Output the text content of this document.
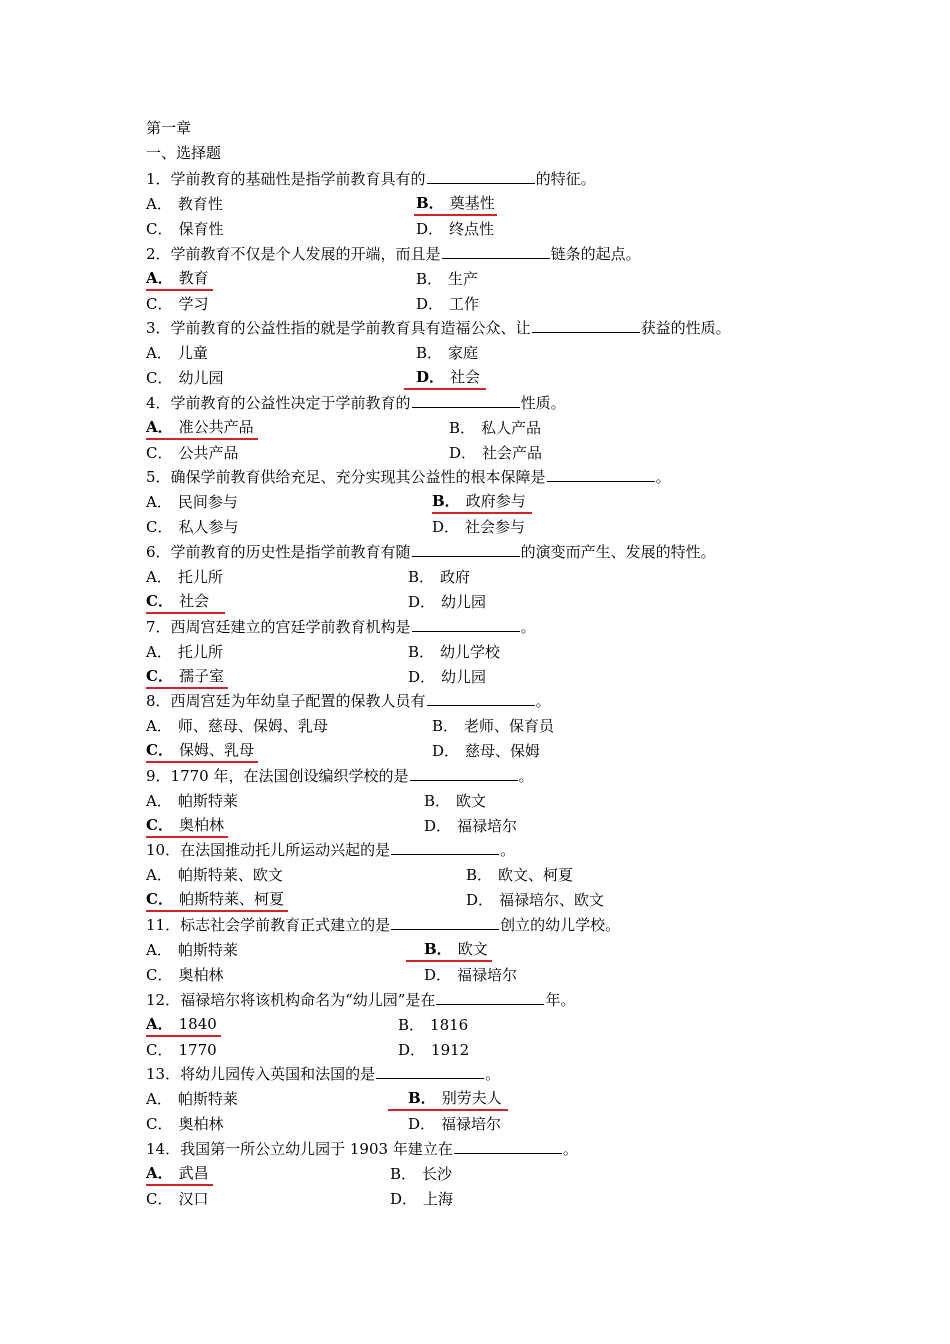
第一章
一、选择题
1．学前教育的基础性是指学前教育具有的	的特征。
A． 教育性	B． 奠基性
C． 保育性	D． 终点性
2．学前教育不仅是个人发展的开端，而且是	链条的起点。
A． 教育	B． 生产
C． 学习	D． 工作
3．学前教育的公益性指的就是学前教育具有造福公众、让	获益的性质。
A． 儿童	B． 家庭
C． 幼儿园	D． 社会
4．学前教育的公益性决定于学前教育的	性质。
A． 准公共产品	B． 私人产品
C． 公共产品	D． 社会产品
5．确保学前教育供给充足、充分实现其公益性的根本保障是	。
A． 民间参与	B． 政府参与
C． 私人参与	D． 社会参与
6．学前教育的历史性是指学前教育有随	的演变而产生、发展的特性。
A． 托儿所	B． 政府
C． 社会	D． 幼儿园
7．西周宫廷建立的宫廷学前教育机构是	。
A． 托儿所	B． 幼儿学校
C． 孺子室	D． 幼儿园
8．西周宫廷为年幼皇子配置的保教人员有	。
A． 师、慈母、保姆、乳母	B． 老师、保育员
C． 保姆、乳母	D． 慈母、保姆
9．1770 年，在法国创设编织学校的是	。
A． 帕斯特莱	B． 欧文
C． 奥柏林	D． 福禄培尔
10．在法国推动托儿所运动兴起的是	。
A． 帕斯特莱、欧文	B． 欧文、柯夏
C． 帕斯特莱、柯夏	D． 福禄培尔、欧文
11．标志社会学前教育正式建立的是	创立的幼儿学校。
A． 帕斯特莱	B． 欧文
C． 奥柏林	D． 福禄培尔
12．福禄培尔将该机构命名为“幼儿园”是在	年。
A． 1840	B． 1816
C． 1770	D． 1912
13．将幼儿园传入英国和法国的是	。
A． 帕斯特莱	B． 别劳夫人
C． 奥柏林	D． 福禄培尔
14．我国第一所公立幼儿园于 1903 年建立在	。
A． 武昌	B． 长沙
C． 汉口	D． 上海
